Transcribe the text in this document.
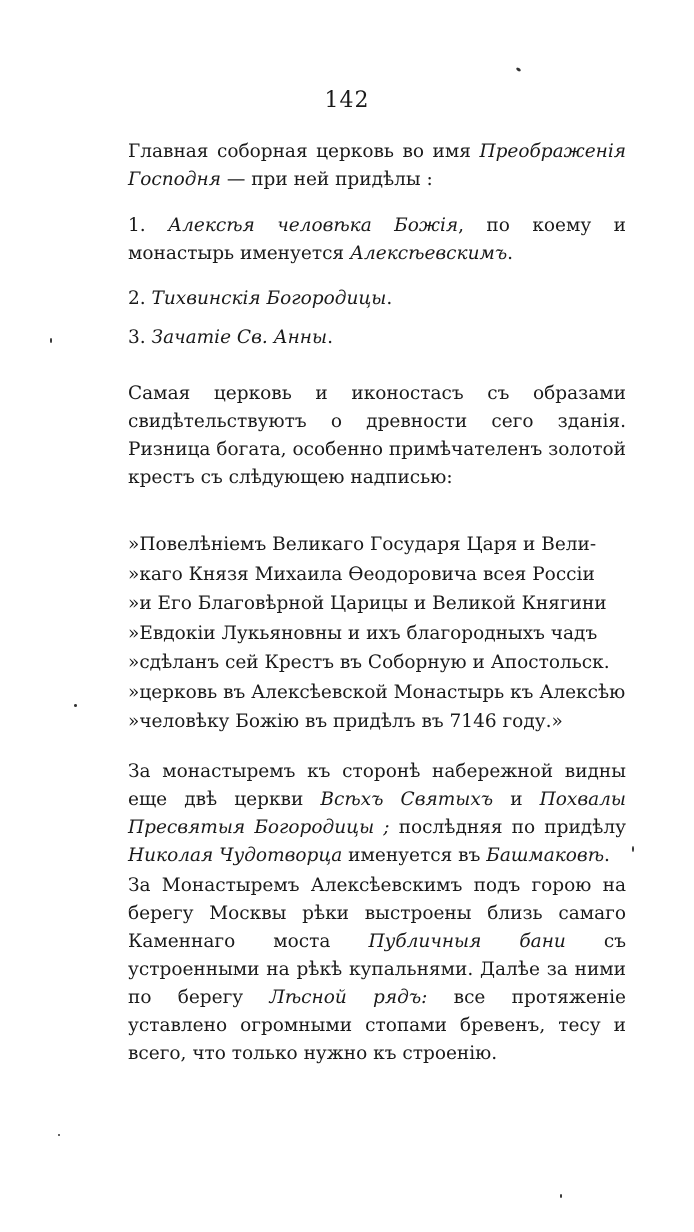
142

Главная соборная церковь во имя Преображенія Господня — при ней придѣлы :

1. Алексѣя человѣка Божія, по коему и монастырь именуется Алексѣевскимъ.
2. Тихвинскія Богородицы.
3. Зачатіе Св. Анны.

Самая церковь и иконостасъ съ образами свидѣтельствуютъ о древности сего зданія. Ризница богата, особенно примѣчателенъ золотой крестъ съ слѣдующею надписью:

»Повелѣніемъ Великаго Государя Царя и Вели-
»каго Князя Михаила Ѳеодоровича всея Россіи
»и Его Благовѣрной Царицы и Великой Княгини
»Евдокіи Лукьяновны и ихъ благородныхъ чадъ
»сдѣланъ сей Крестъ въ Соборную и Апостольск.
»церковь въ Алексѣевской Монастырь къ Алексѣю
»человѣку Божію въ придѣлъ въ 7146 году.»

За монастыремъ къ сторонѣ набережной видны еще двѣ церкви Всѣхъ Святыхъ и Похвалы Пресвятыя Богородицы ; послѣдняя по придѣлу Николая Чудотворца именуется въ Башмаковѣ.

За Монастыремъ Алексѣевскимъ подъ горою на берегу Москвы рѣки выстроены близь самаго Каменнаго моста Публичныя бани съ устроенными на рѣкѣ купальнями. Далѣе за ними по берегу Лѣсной рядъ: все протяженіе уставлено огромными стопами бревенъ, тесу и всего, что только нужно къ строенію.
